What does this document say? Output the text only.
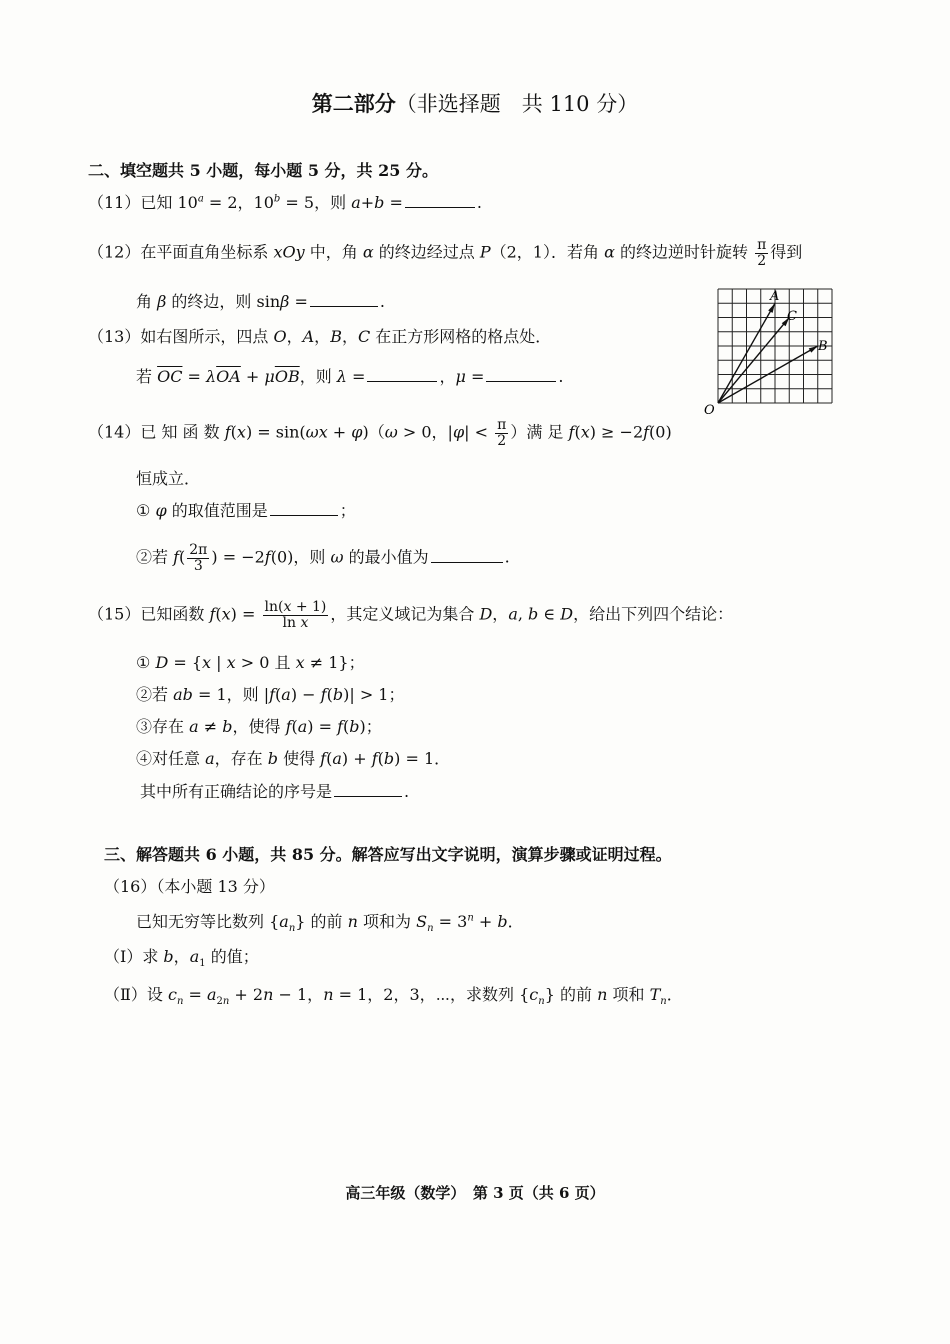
第二部分（非选择题　共 110 分）
二、填空题共 5 小题，每小题 5 分，共 25 分。
（11）已知 $10^a = 2$，$10^b = 5$，则 a+b =	.
（12）在平面直角坐标系 xOy 中，角 α 的终边经过点 P（2，1）．若角 α 的终边逆时针旋转 $\frac{\pi}{2}$ 得到
角 β 的终边，则 sinβ =	.
（13）如右图所示，四点 O，A，B，C 在正方形网格的格点处．
若 $\overline{OC} = \lambda\overline{OA} + \mu\overline{OB}$，则 λ =	，μ =	.
A
B
C
O
（14）已 知 函 数 f(x) = sin(ωx + φ)（ω > 0，$|\varphi| < \frac{\pi}{2}$ ）满 足 f(x) ≥ −2f(0)
恒成立．
① φ 的取值范围是	；
②若 $f( \frac{2\pi}{3}$ ) = −2f(0)，则 ω 的最小值为	.
（15）已知函数 $f(x) = \frac{\ln(x + 1)}{\text{ln x}}$ ，其定义域记为集合 D，a, b ∈ D，给出下列四个结论：
① D = {x | x > 0 且 x ≠ 1}；
②若 ab = 1，则 |f(a) − f(b)| > 1；
③存在 a ≠ b，使得 f(a) = f(b)；
④对任意 a，存在 b 使得 f(a) + f(b) = 1．
其中所有正确结论的序号是	.
三、解答题共 6 小题，共 85 分。解答应写出文字说明，演算步骤或证明过程。
（16）（本小题 13 分）
已知无穷等比数列 $\{a_n\}$ 的前 n 项和为 $S_n = 3^n + b$．
（Ⅰ）求 b，$a_1$ 的值；
（Ⅱ）设 $c_n = a_{2n} + 2n - 1$，n = 1，2，3，⋯，求数列 $\{c_n\}$ 的前 n 项和 $T_n$．
高三年级（数学）　第 3 页（共 6 页）
